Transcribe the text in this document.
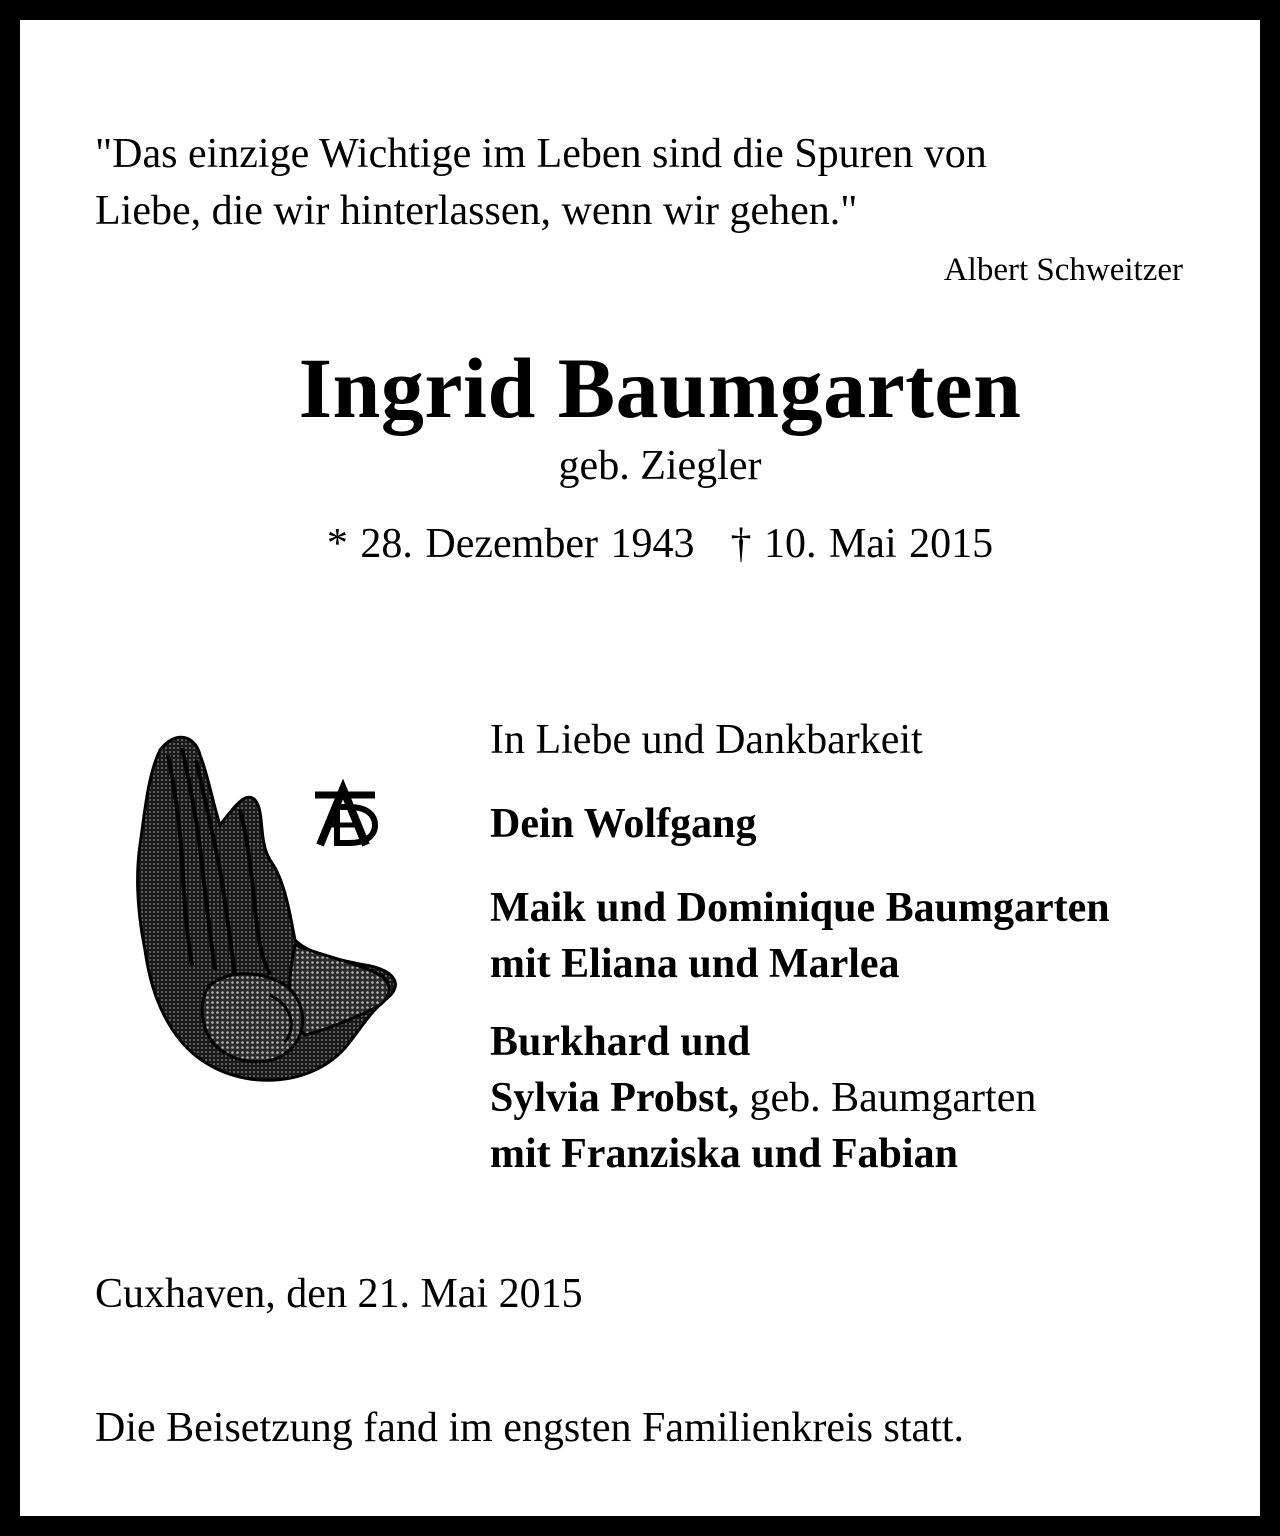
"Das einzige Wichtige im Leben sind die Spuren von
Liebe, die wir hinterlassen, wenn wir gehen."
Albert Schweitzer
Ingrid Baumgarten
geb. Ziegler
* 28. Dezember 1943 † 10. Mai 2015
In Liebe und Dankbarkeit
Dein Wolfgang
Maik und Dominique Baumgarten
mit Eliana und Marlea
Burkhard und
Sylvia Probst, geb. Baumgarten
mit Franziska und Fabian
Cuxhaven, den 21. Mai 2015
Die Beisetzung fand im engsten Familienkreis statt.
